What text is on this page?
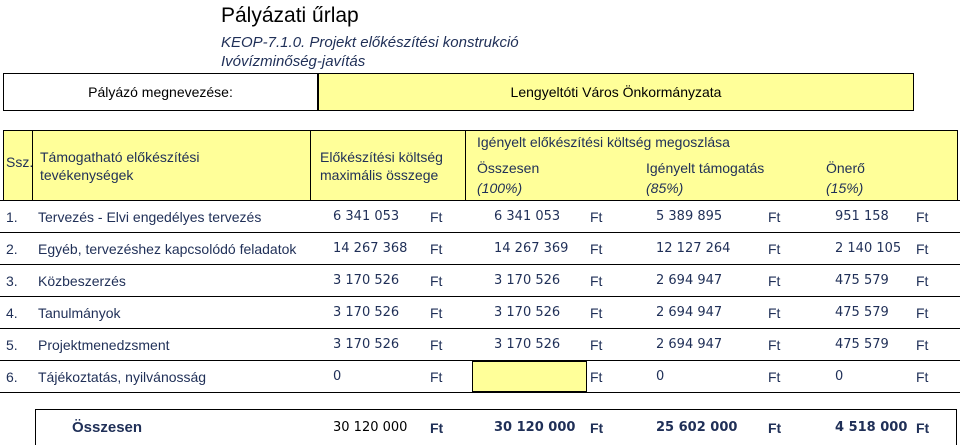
Pályázati űrlap
KEOP-7.1.0. Projekt előkészítési konstrukció
Ivóvízminőség-javítás
Pályázó megnevezése:	Lengyeltóti Város Önkormányzata
Ssz. Támogatható előkészítési tevékenységek
Előkészítési költség maximális összege
Igényelt előkészítési költség megoszlása
Összesen
(100%)
Igényelt támogatás
(85%)
Önerő
(15%)
1. Tervezés - Elvi engedélyes tervezés	6 341 053 Ft	6 341 053 Ft	5 389 895	Ft	951 158 Ft
2. Egyéb, tervezéshez kapcsolódó feladatok	14 267 368 Ft	14 267 369 Ft	12 127 264	Ft	2 140 105 Ft
3. Közbeszerzés	3 170 526 Ft	3 170 526 Ft	2 694 947	Ft	475 579 Ft
4. Tanulmányok	3 170 526 Ft	3 170 526 Ft	2 694 947	Ft	475 579 Ft
5. Projektmenedzsment	3 170 526 Ft	3 170 526 Ft	2 694 947	Ft	475 579 Ft
6. Tájékoztatás, nyilvánosság	0	Ft	Ft	0	Ft	0	Ft
Összesen	30 120 000 Ft	30 120 000 Ft	25 602 000 Ft	4 518 000 Ft
